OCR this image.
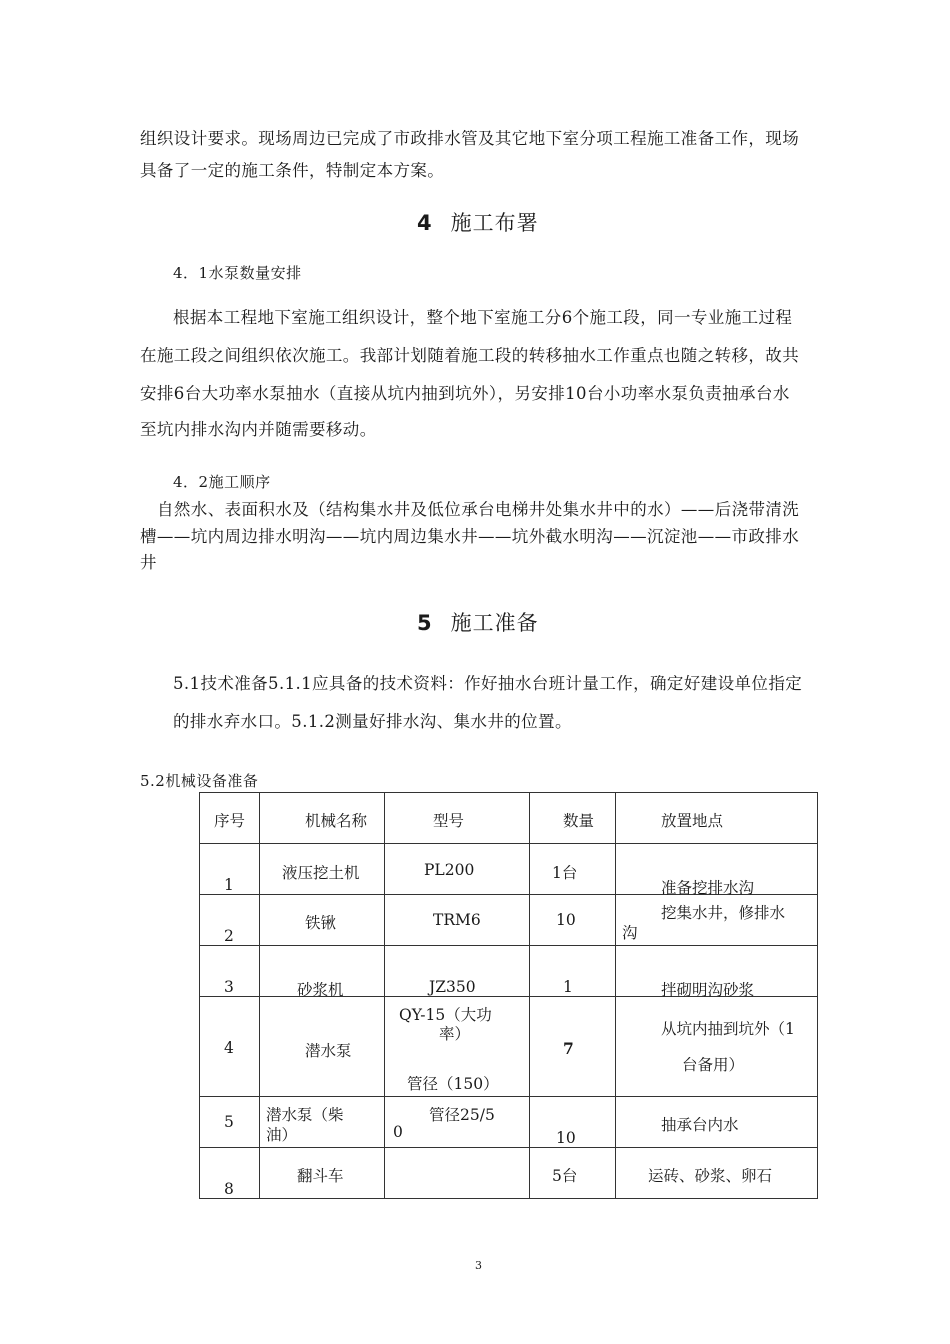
组织设计要求。现场周边已完成了市政排水管及其它地下室分项工程施工准备工作，现场
具备了一定的施工条件，特制定本方案。
4 施工布署
4．1水泵数量安排
根据本工程地下室施工组织设计，整个地下室施工分6个施工段，同一专业施工过程
在施工段之间组织依次施工。我部计划随着施工段的转移抽水工作重点也随之转移，故共
安排6台大功率水泵抽水（直接从坑内抽到坑外），另安排10台小功率水泵负责抽承台水
至坑内排水沟内并随需要移动。
4．2施工顺序
自然水、表面积水及（结构集水井及低位承台电梯井处集水井中的水）——后浇带清洗
槽——坑内周边排水明沟——坑内周边集水井——坑外截水明沟——沉淀池——市政排水
井
5 施工准备
5.1技术准备5.1.1应具备的技术资料：作好抽水台班计量工作，确定好建设单位指定
的排水弃水口。5.1.2测量好排水沟、集水井的位置。
5.2机械设备准备
序号	机械名称	型号	数量	放置地点

1	液压挖土机	PL200	1台	准备挖排水沟

2	铁锹	TRM6	10	挖集水井，修排水
沟

3	砂浆机	JZ350	1	拌砌明沟砂浆

4	潜水泵	QY-15（大功
率）
管径（150）	7	从坑内抽到坑外（1
台备用）

5	潜水泵（柴
油）	管径25/5
0	10	抽承台内水

8	翻斗车		5台	运砖、砂浆、卵石
3
